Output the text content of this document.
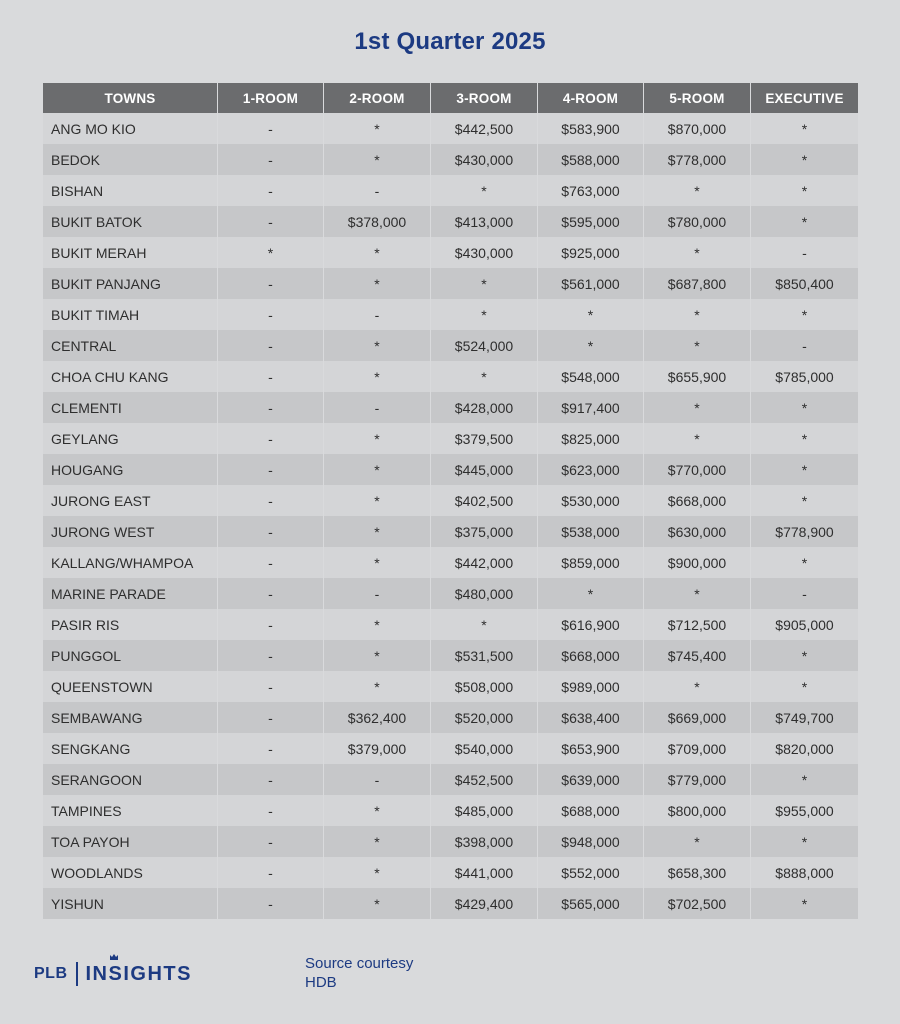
1st Quarter 2025
TOWNS	1-ROOM	2-ROOM	3-ROOM	4-ROOM	5-ROOM	EXECUTIVE
ANG MO KIO	-	*	$442,500	$583,900	$870,000	*
BEDOK	-	*	$430,000	$588,000	$778,000	*
BISHAN	-	-	*	$763,000	*	*
BUKIT BATOK	-	$378,000	$413,000	$595,000	$780,000	*
BUKIT MERAH	*	*	$430,000	$925,000	*	-
BUKIT PANJANG	-	*	*	$561,000	$687,800	$850,400
BUKIT TIMAH	-	-	*	*	*	*
CENTRAL	-	*	$524,000	*	*	-
CHOA CHU KANG	-	*	*	$548,000	$655,900	$785,000
CLEMENTI	-	-	$428,000	$917,400	*	*
GEYLANG	-	*	$379,500	$825,000	*	*
HOUGANG	-	*	$445,000	$623,000	$770,000	*
JURONG EAST	-	*	$402,500	$530,000	$668,000	*
JURONG WEST	-	*	$375,000	$538,000	$630,000	$778,900
KALLANG/WHAMPOA	-	*	$442,000	$859,000	$900,000	*
MARINE PARADE	-	-	$480,000	*	*	-
PASIR RIS	-	*	*	$616,900	$712,500	$905,000
PUNGGOL	-	*	$531,500	$668,000	$745,400	*
QUEENSTOWN	-	*	$508,000	$989,000	*	*
SEMBAWANG	-	$362,400	$520,000	$638,400	$669,000	$749,700
SENGKANG	-	$379,000	$540,000	$653,900	$709,000	$820,000
SERANGOON	-	-	$452,500	$639,000	$779,000	*
TAMPINES	-	*	$485,000	$688,000	$800,000	$955,000
TOA PAYOH	-	*	$398,000	$948,000	*	*
WOODLANDS	-	*	$441,000	$552,000	$658,300	$888,000
YISHUN	-	*	$429,400	$565,000	$702,500	*
PLB INSIGHTS	Source courtesy
HDB
